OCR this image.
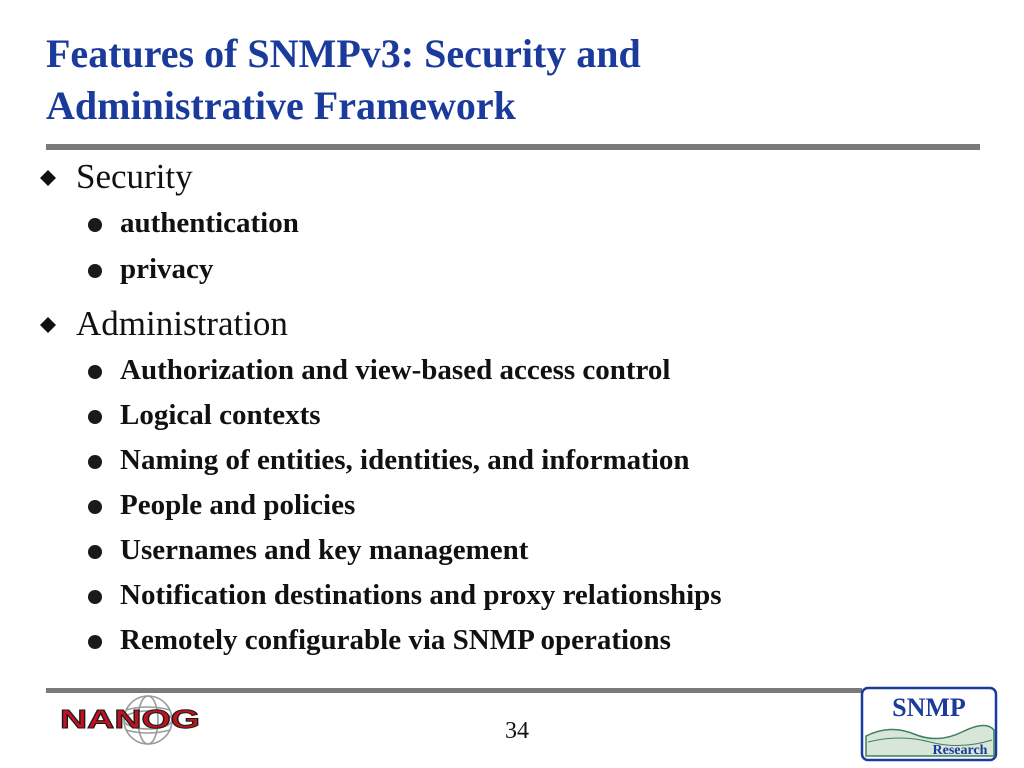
Features of SNMPv3: Security and
Administrative Framework
Security
authentication
privacy
Administration
Authorization and view-based access control
Logical contexts
Naming of entities, identities, and information
People and policies
Usernames and key management
Notification destinations and proxy relationships
Remotely configurable via SNMP operations
NANOG	34
SNMP
Research
